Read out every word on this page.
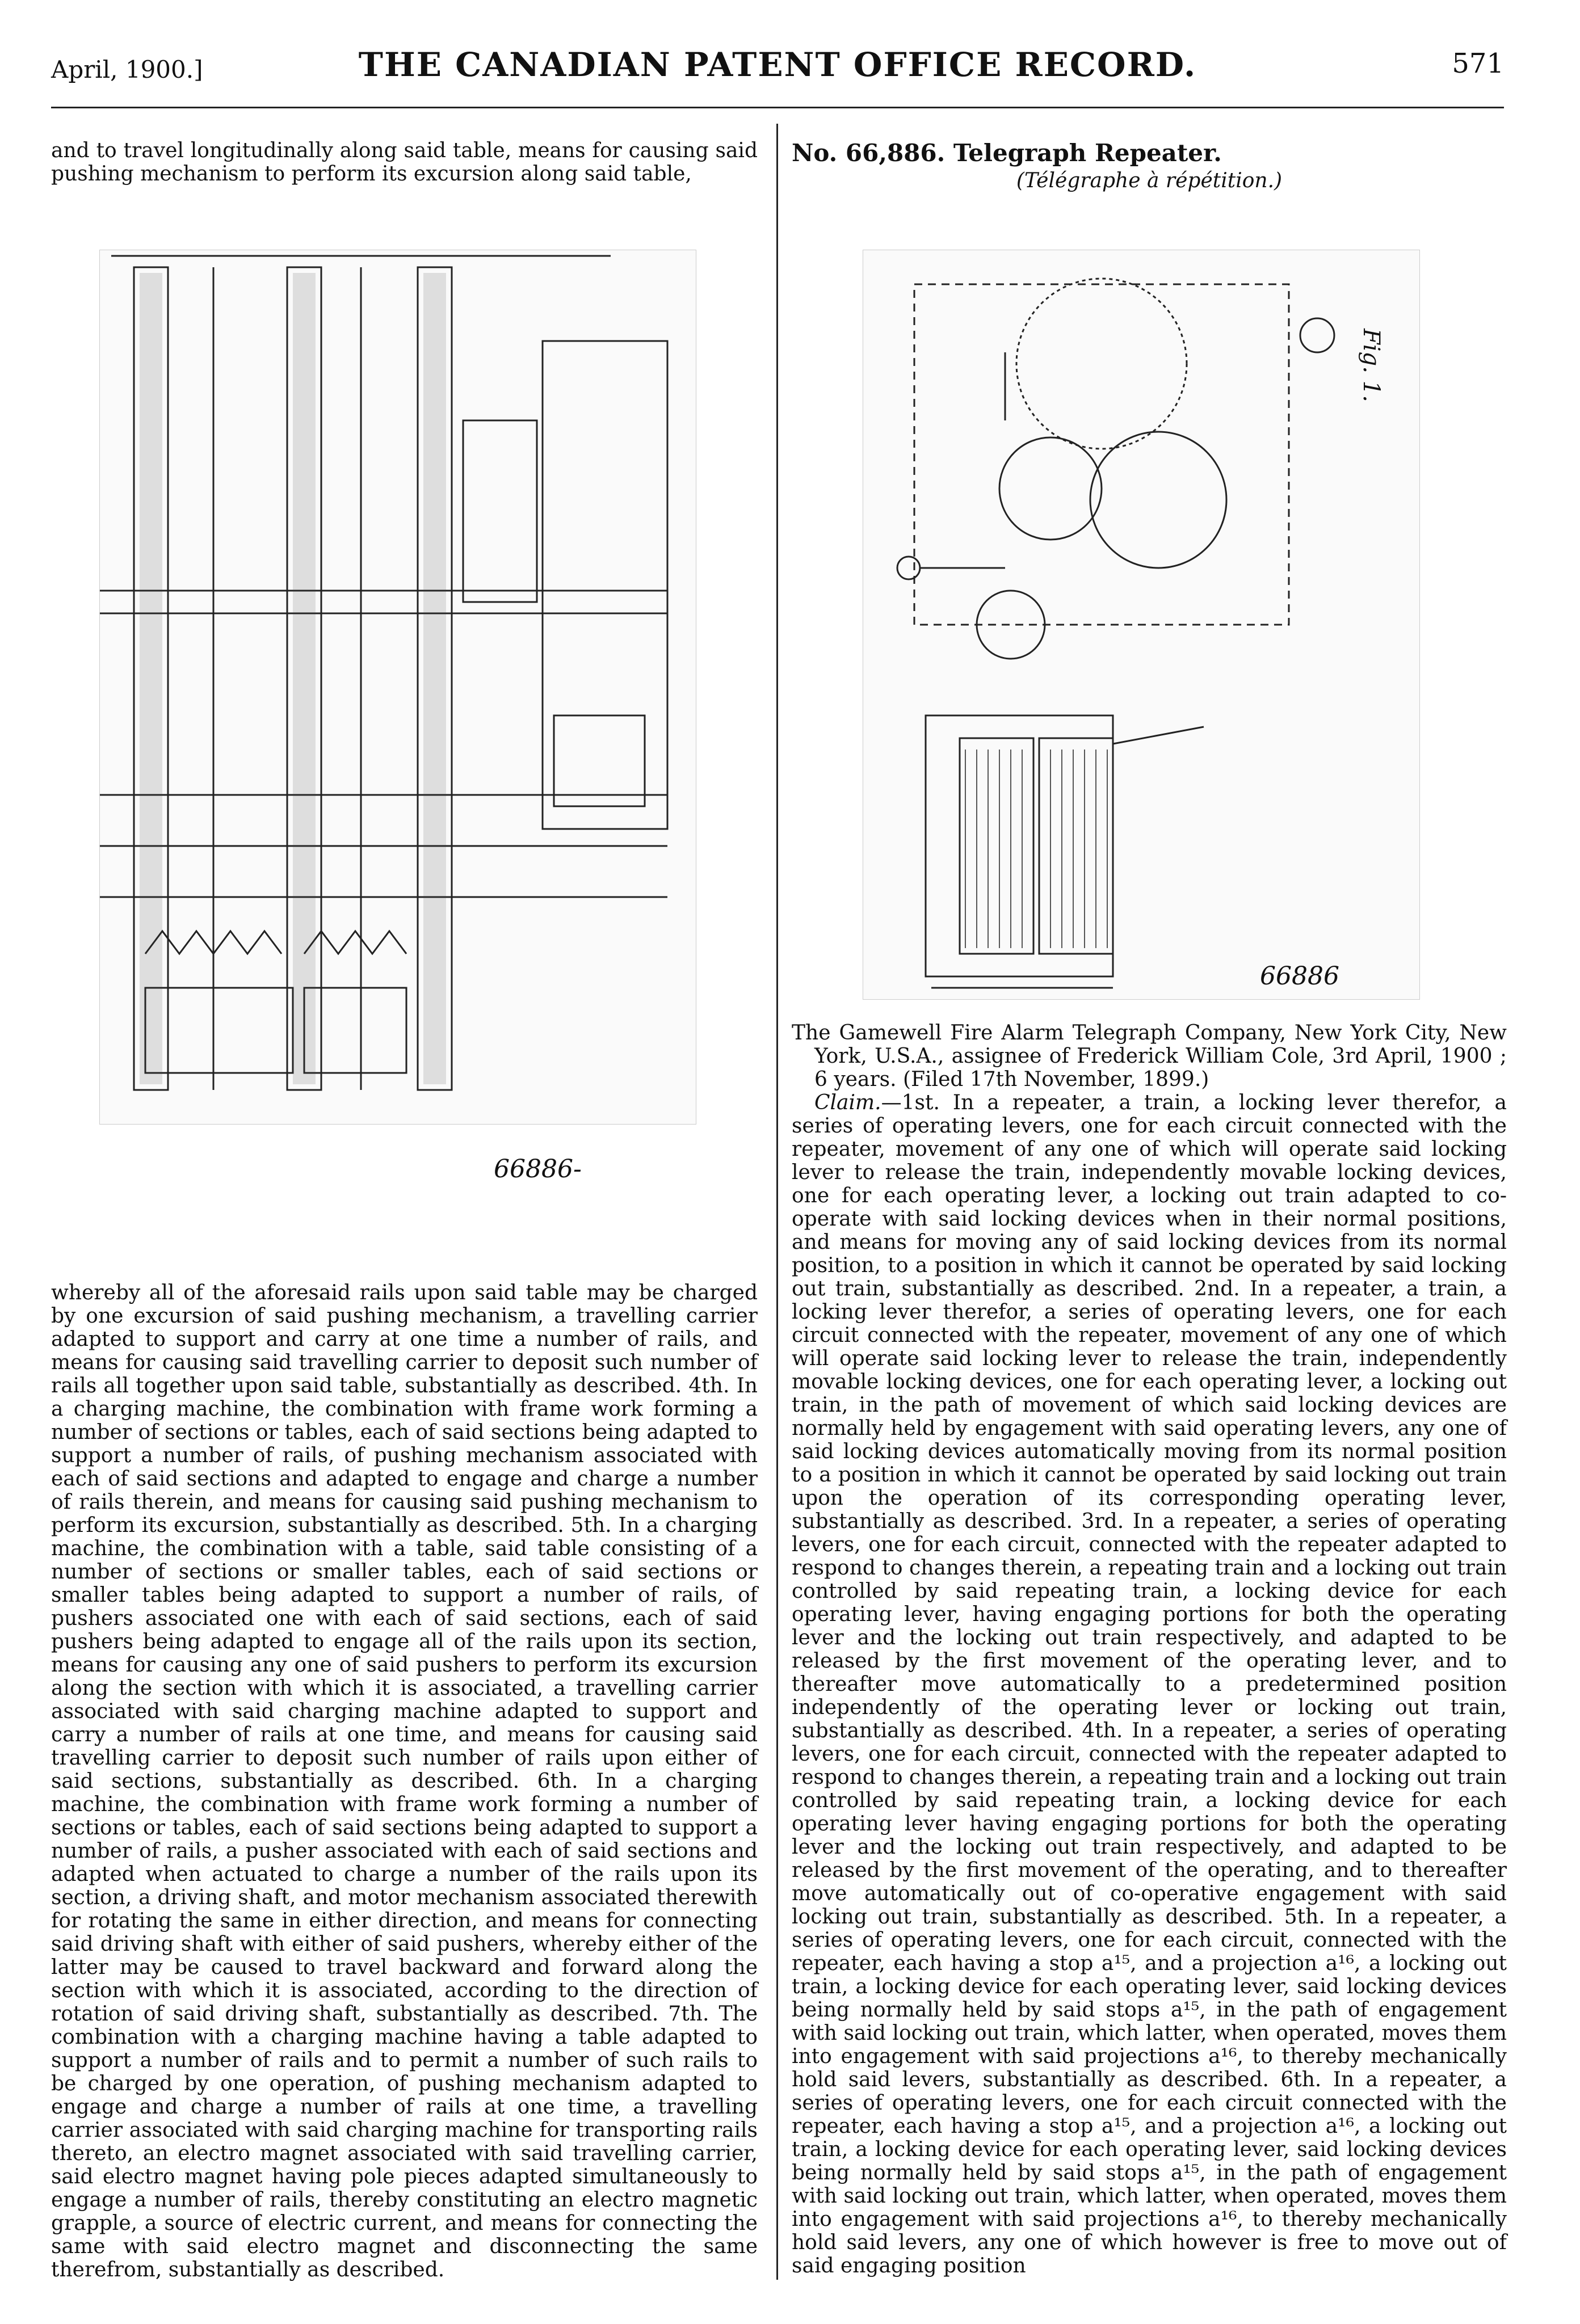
April, 1900.]	THE CANADIAN PATENT OFFICE RECORD.	571

and to travel longitudinally along said table, means for causing said pushing mechanism to perform its excursion along said table,

66886-

whereby all of the aforesaid rails upon said table may be charged by one excursion of said pushing mechanism, a travelling carrier adapted to support and carry at one time a number of rails, and means for causing said travelling carrier to deposit such number of rails all together upon said table, substantially as described. 4th. In a charging machine, the combination with frame work forming a number of sections or tables, each of said sections being adapted to support a number of rails, of pushing mechanism associated with each of said sections and adapted to engage and charge a number of rails therein, and means for causing said pushing mechanism to perform its excursion, substantially as described. 5th. In a charging machine, the combination with a table, said table consisting of a number of sections or smaller tables, each of said sections or smaller tables being adapted to support a number of rails, of pushers associated one with each of said sections, each of said pushers being adapted to engage all of the rails upon its section, means for causing any one of said pushers to perform its excursion along the section with which it is associated, a travelling carrier associated with said charging machine adapted to support and carry a number of rails at one time, and means for causing said travelling carrier to deposit such number of rails upon either of said sections, substantially as described. 6th. In a charging machine, the combination with frame work forming a number of sections or tables, each of said sections being adapted to support a number of rails, a pusher associated with each of said sections and adapted when actuated to charge a number of the rails upon its section, a driving shaft, and motor mechanism associated therewith for rotating the same in either direction, and means for connecting said driving shaft with either of said pushers, whereby either of the latter may be caused to travel backward and forward along the section with which it is associated, according to the direction of rotation of said driving shaft, substantially as described. 7th. The combination with a charging machine having a table adapted to support a number of rails and to permit a number of such rails to be charged by one operation, of pushing mechanism adapted to engage and charge a number of rails at one time, a travelling carrier associated with said charging machine for transporting rails thereto, an electro magnet associated with said travelling carrier, said electro magnet having pole pieces adapted simultaneously to engage a number of rails, thereby constituting an electro magnetic grapple, a source of electric current, and means for connecting the same with said electro magnet and disconnecting the same therefrom, substantially as described.

No. 66,886. Telegraph Repeater.
(Télégraphe à répétition.)
Fig. 1.
66886

The Gamewell Fire Alarm Telegraph Company, New York City, New York, U.S.A., assignee of Frederick William Cole, 3rd April, 1900 ; 6 years. (Filed 17th November, 1899.)

Claim.—1st. In a repeater, a train, a locking lever therefor, a series of operating levers, one for each circuit connected with the repeater, movement of any one of which will operate said locking lever to release the train, independently movable locking devices, one for each operating lever, a locking out train adapted to co-operate with said locking devices when in their normal positions, and means for moving any of said locking devices from its normal position, to a position in which it cannot be operated by said locking out train, substantially as described. 2nd. In a repeater, a train, a locking lever therefor, a series of operating levers, one for each circuit connected with the repeater, movement of any one of which will operate said locking lever to release the train, independently movable locking devices, one for each operating lever, a locking out train, in the path of movement of which said locking devices are normally held by engagement with said operating levers, any one of said locking devices automatically moving from its normal position to a position in which it cannot be operated by said locking out train upon the operation of its corresponding operating lever, substantially as described. 3rd. In a repeater, a series of operating levers, one for each circuit, connected with the repeater adapted to respond to changes therein, a repeating train and a locking out train controlled by said repeating train, a locking device for each operating lever, having engaging portions for both the operating lever and the locking out train respectively, and adapted to be released by the first movement of the operating lever, and to thereafter move automatically to a predetermined position independently of the operating lever or locking out train, substantially as described. 4th. In a repeater, a series of operating levers, one for each circuit, connected with the repeater adapted to respond to changes therein, a repeating train and a locking out train controlled by said repeating train, a locking device for each operating lever having engaging portions for both the operating lever and the locking out train respectively, and adapted to be released by the first movement of the operating, and to thereafter move automatically out of co-operative engagement with said locking out train, substantially as described. 5th. In a repeater, a series of operating levers, one for each circuit, connected with the repeater, each having a stop a¹⁵, and a projection a¹⁶, a locking out train, a locking device for each operating lever, said locking devices being normally held by said stops a¹⁵, in the path of engagement with said locking out train, which latter, when operated, moves them into engagement with said projections a¹⁶, to thereby mechanically hold said levers, substantially as described. 6th. In a repeater, a series of operating levers, one for each circuit connected with the repeater, each having a stop a¹⁵, and a projection a¹⁶, a locking out train, a locking device for each operating lever, said locking devices being normally held by said stops a¹⁵, in the path of engagement with said locking out train, which latter, when operated, moves them into engagement with said projections a¹⁶, to thereby mechanically hold said levers, any one of which however is free to move out of said engaging position
